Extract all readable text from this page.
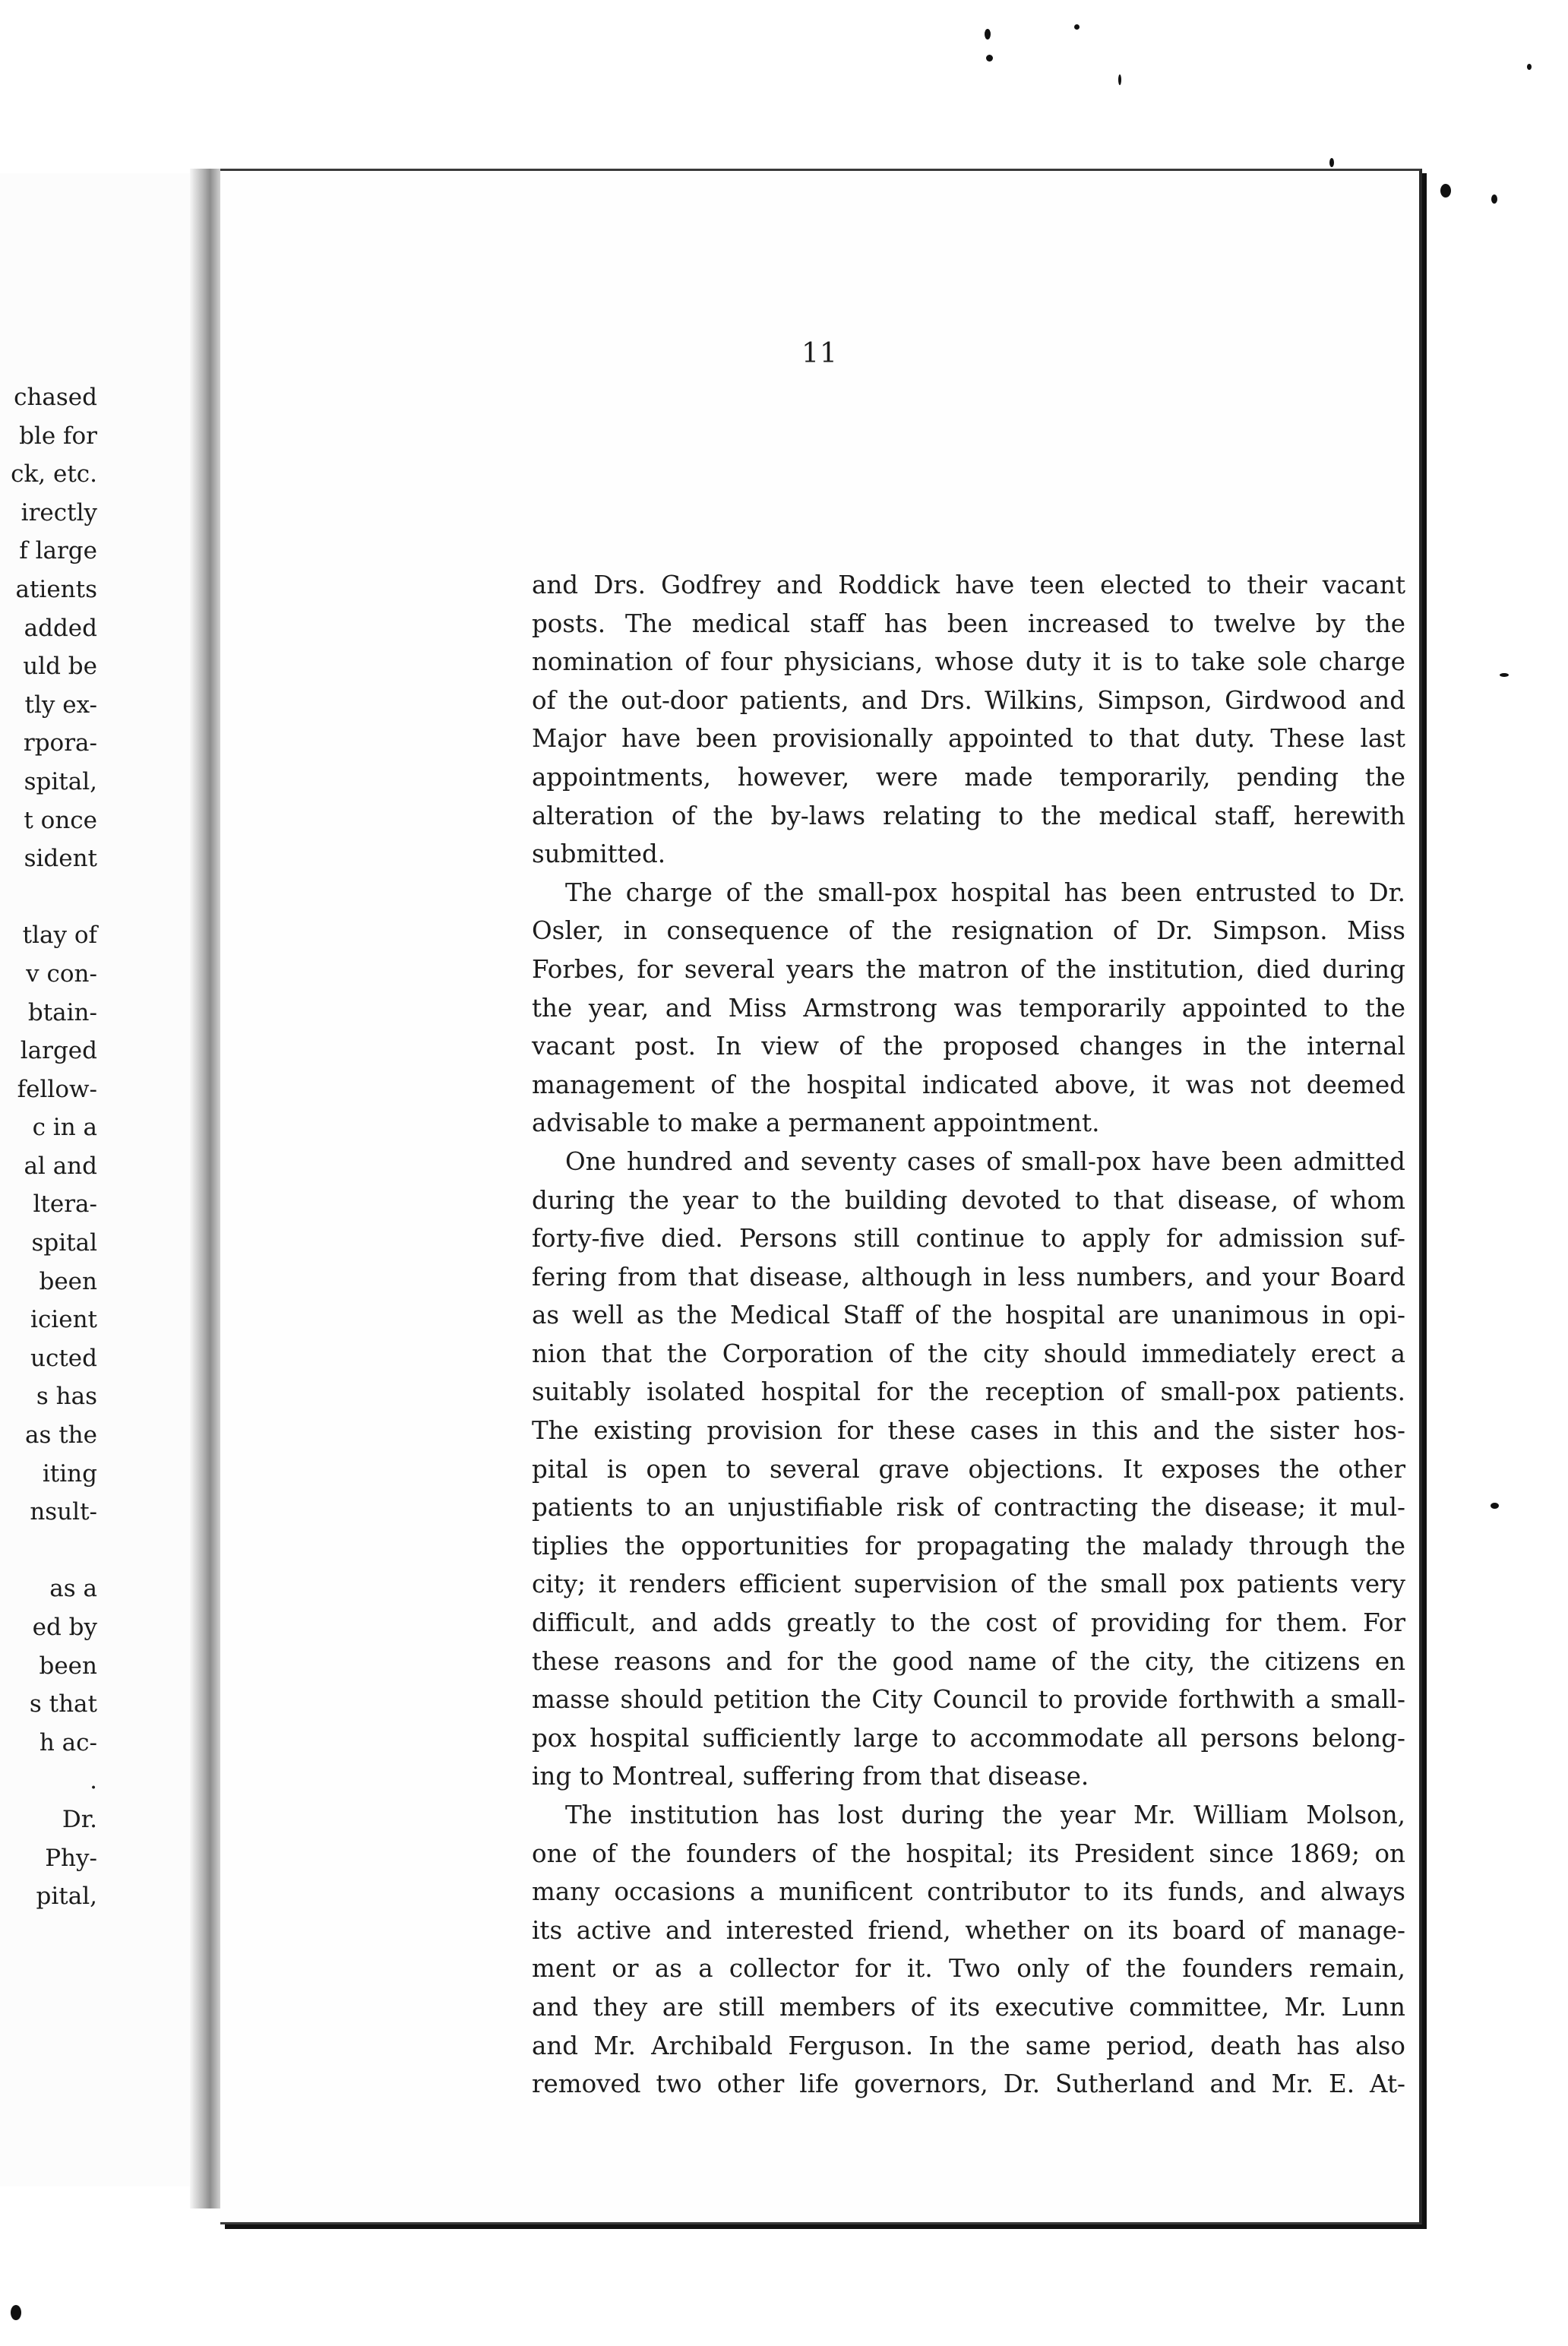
chased
ble for
ck, etc.
irectly
f large
atients
added
uld be
tly ex-
rpora-
spital,
t once
sident
tlay of
v con-
btain-
larged
fellow-
c in a
al and
ltera-
spital
been
icient
ucted
s has
as the
iting
nsult-
as a
ed by
been
s that
h ac-
.
Dr.
Phy-
pital,
11
and Drs. Godfrey and Roddick have teen elected to their vacant
posts. The medical staff has been increased to twelve by the
nomination of four physicians, whose duty it is to take sole charge
of the out-door patients, and Drs. Wilkins, Simpson, Girdwood and
Major have been provisionally appointed to that duty. These last
appointments, however, were made temporarily, pending the
alteration of the by-laws relating to the medical staff, herewith
submitted.
The charge of the small-pox hospital has been entrusted to Dr.
Osler, in consequence of the resignation of Dr. Simpson. Miss
Forbes, for several years the matron of the institution, died during
the year, and Miss Armstrong was temporarily appointed to the
vacant post. In view of the proposed changes in the internal
management of the hospital indicated above, it was not deemed
advisable to make a permanent appointment.
One hundred and seventy cases of small-pox have been admitted
during the year to the building devoted to that disease, of whom
forty-five died. Persons still continue to apply for admission suf-
fering from that disease, although in less numbers, and your Board
as well as the Medical Staff of the hospital are unanimous in opi-
nion that the Corporation of the city should immediately erect a
suitably isolated hospital for the reception of small-pox patients.
The existing provision for these cases in this and the sister hos-
pital is open to several grave objections. It exposes the other
patients to an unjustifiable risk of contracting the disease; it mul-
tiplies the opportunities for propagating the malady through the
city; it renders efficient supervision of the small pox patients very
difficult, and adds greatly to the cost of providing for them. For
these reasons and for the good name of the city, the citizens en
masse should petition the City Council to provide forthwith a small-
pox hospital sufficiently large to accommodate all persons belong-
ing to Montreal, suffering from that disease.
The institution has lost during the year Mr. William Molson,
one of the founders of the hospital; its President since 1869; on
many occasions a munificent contributor to its funds, and always
its active and interested friend, whether on its board of manage-
ment or as a collector for it. Two only of the founders remain,
and they are still members of its executive committee, Mr. Lunn
and Mr. Archibald Ferguson. In the same period, death has also
removed two other life governors, Dr. Sutherland and Mr. E. At-
